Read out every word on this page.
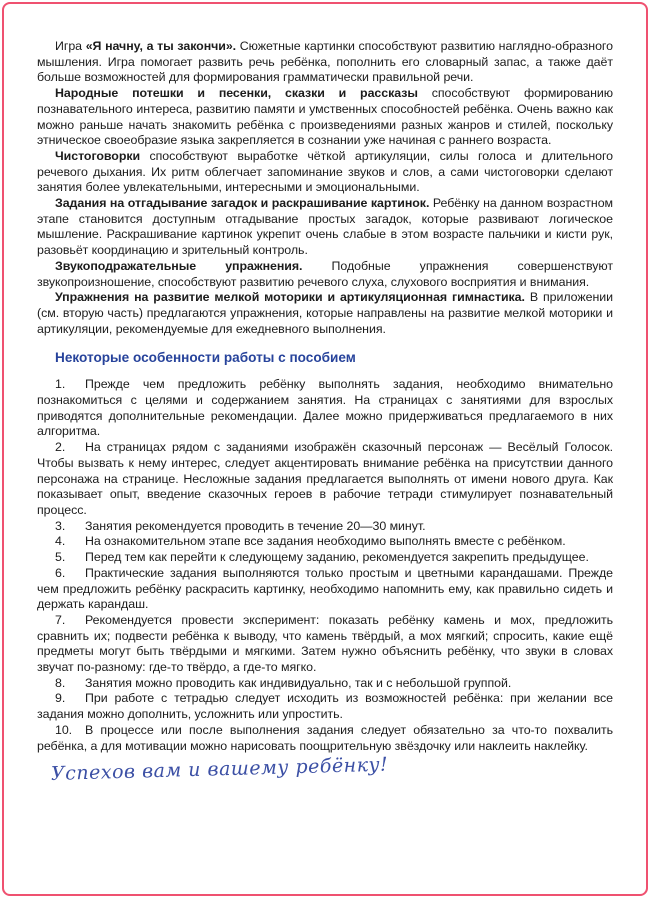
Игра «Я начну, а ты закончи». Сюжетные картинки способствуют развитию наглядно-образного мышления. Игра помогает развить речь ребёнка, пополнить его словарный запас, а также даёт больше возможностей для формирования грамматически правильной речи.

Народные потешки и песенки, сказки и рассказы способствуют формированию познавательного интереса, развитию памяти и умственных способностей ребёнка. Очень важно как можно раньше начать знакомить ребёнка с произведениями разных жанров и стилей, поскольку этническое своеобразие языка закрепляется в сознании уже начиная с раннего возраста.

Чистоговорки способствуют выработке чёткой артикуляции, силы голоса и длительного речевого дыхания. Их ритм облегчает запоминание звуков и слов, а сами чистоговорки сделают занятия более увлекательными, интересными и эмоциональными.

Задания на отгадывание загадок и раскрашивание картинок. Ребёнку на данном возрастном этапе становится доступным отгадывание простых загадок, которые развивают логическое мышление. Раскрашивание картинок укрепит очень слабые в этом возрасте пальчики и кисти рук, разовьёт координацию и зрительный контроль.

Звукоподражательные упражнения. Подобные упражнения совершенствуют звукопроизношение, способствуют развитию речевого слуха, слухового восприятия и внимания.

Упражнения на развитие мелкой моторики и артикуляционная гимнастика. В приложении (см. вторую часть) предлагаются упражнения, которые направлены на развитие мелкой моторики и артикуляции, рекомендуемые для ежедневного выполнения.

Некоторые особенности работы с пособием

1. Прежде чем предложить ребёнку выполнять задания, необходимо внимательно познакомиться с целями и содержанием занятия. На страницах с занятиями для взрослых приводятся дополнительные рекомендации. Далее можно придерживаться предлагаемого в них алгоритма.

2. На страницах рядом с заданиями изображён сказочный персонаж — Весёлый Голосок. Чтобы вызвать к нему интерес, следует акцентировать внимание ребёнка на присутствии данного персонажа на странице. Несложные задания предлагается выполнять от имени нового друга. Как показывает опыт, введение сказочных героев в рабочие тетради стимулирует познавательный процесс.

3. Занятия рекомендуется проводить в течение 20—30 минут.

4. На ознакомительном этапе все задания необходимо выполнять вместе с ребёнком.

5. Перед тем как перейти к следующему заданию, рекомендуется закрепить предыдущее.

6. Практические задания выполняются только простым и цветными карандашами. Прежде чем предложить ребёнку раскрасить картинку, необходимо напомнить ему, как правильно сидеть и держать карандаш.

7. Рекомендуется провести эксперимент: показать ребёнку камень и мох, предложить сравнить их; подвести ребёнка к выводу, что камень твёрдый, а мох мягкий; спросить, какие ещё предметы могут быть твёрдыми и мягкими. Затем нужно объяснить ребёнку, что звуки в словах звучат по-разному: где-то твёрдо, а где-то мягко.

8. Занятия можно проводить как индивидуально, так и с небольшой группой.

9. При работе с тетрадью следует исходить из возможностей ребёнка: при желании все задания можно дополнить, усложнить или упростить.

10. В процессе или после выполнения задания следует обязательно за что-то похвалить ребёнка, а для мотивации можно нарисовать поощрительную звёздочку или наклеить наклейку.

Успехов вам и вашему ребёнку!
